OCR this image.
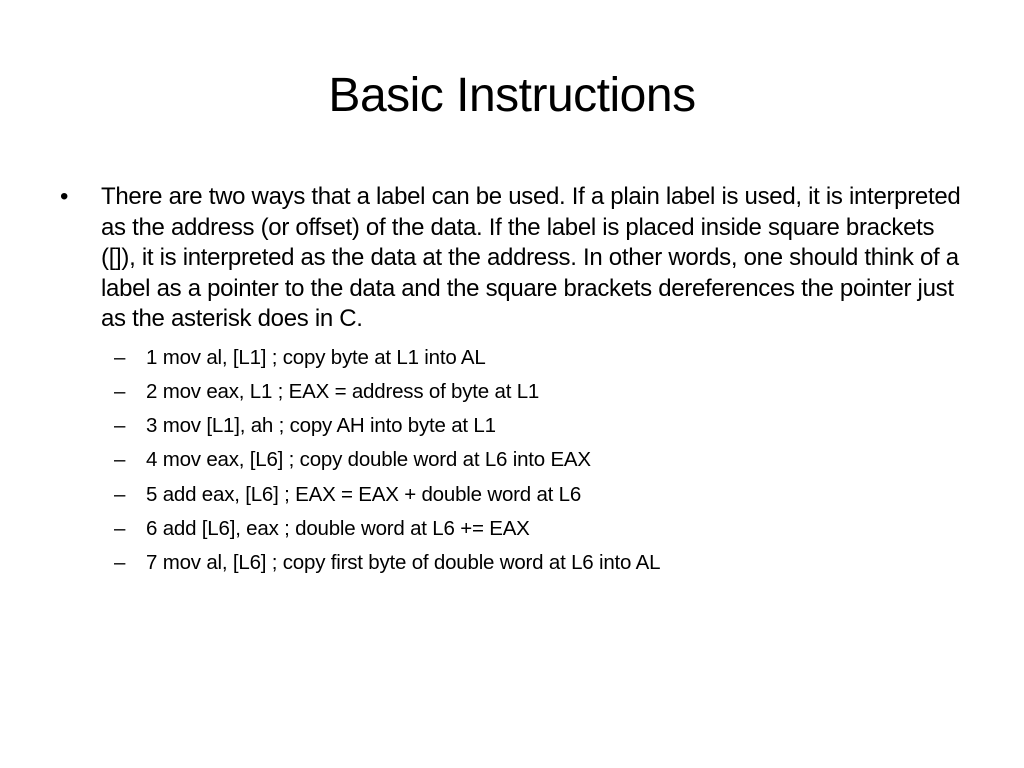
Basic Instructions
• There are two ways that a label can be used. If a plain label is used, it is interpreted as the address (or offset) of the data. If the label is placed inside square brackets ([]), it is interpreted as the data at the address. In other words, one should think of a label as a pointer to the data and the square brackets dereferences the pointer just as the asterisk does in C.
– 1 mov al, [L1] ; copy byte at L1 into AL
– 2 mov eax, L1 ; EAX = address of byte at L1
– 3 mov [L1], ah ; copy AH into byte at L1
– 4 mov eax, [L6] ; copy double word at L6 into EAX
– 5 add eax, [L6] ; EAX = EAX + double word at L6
– 6 add [L6], eax ; double word at L6 += EAX
– 7 mov al, [L6] ; copy first byte of double word at L6 into AL
